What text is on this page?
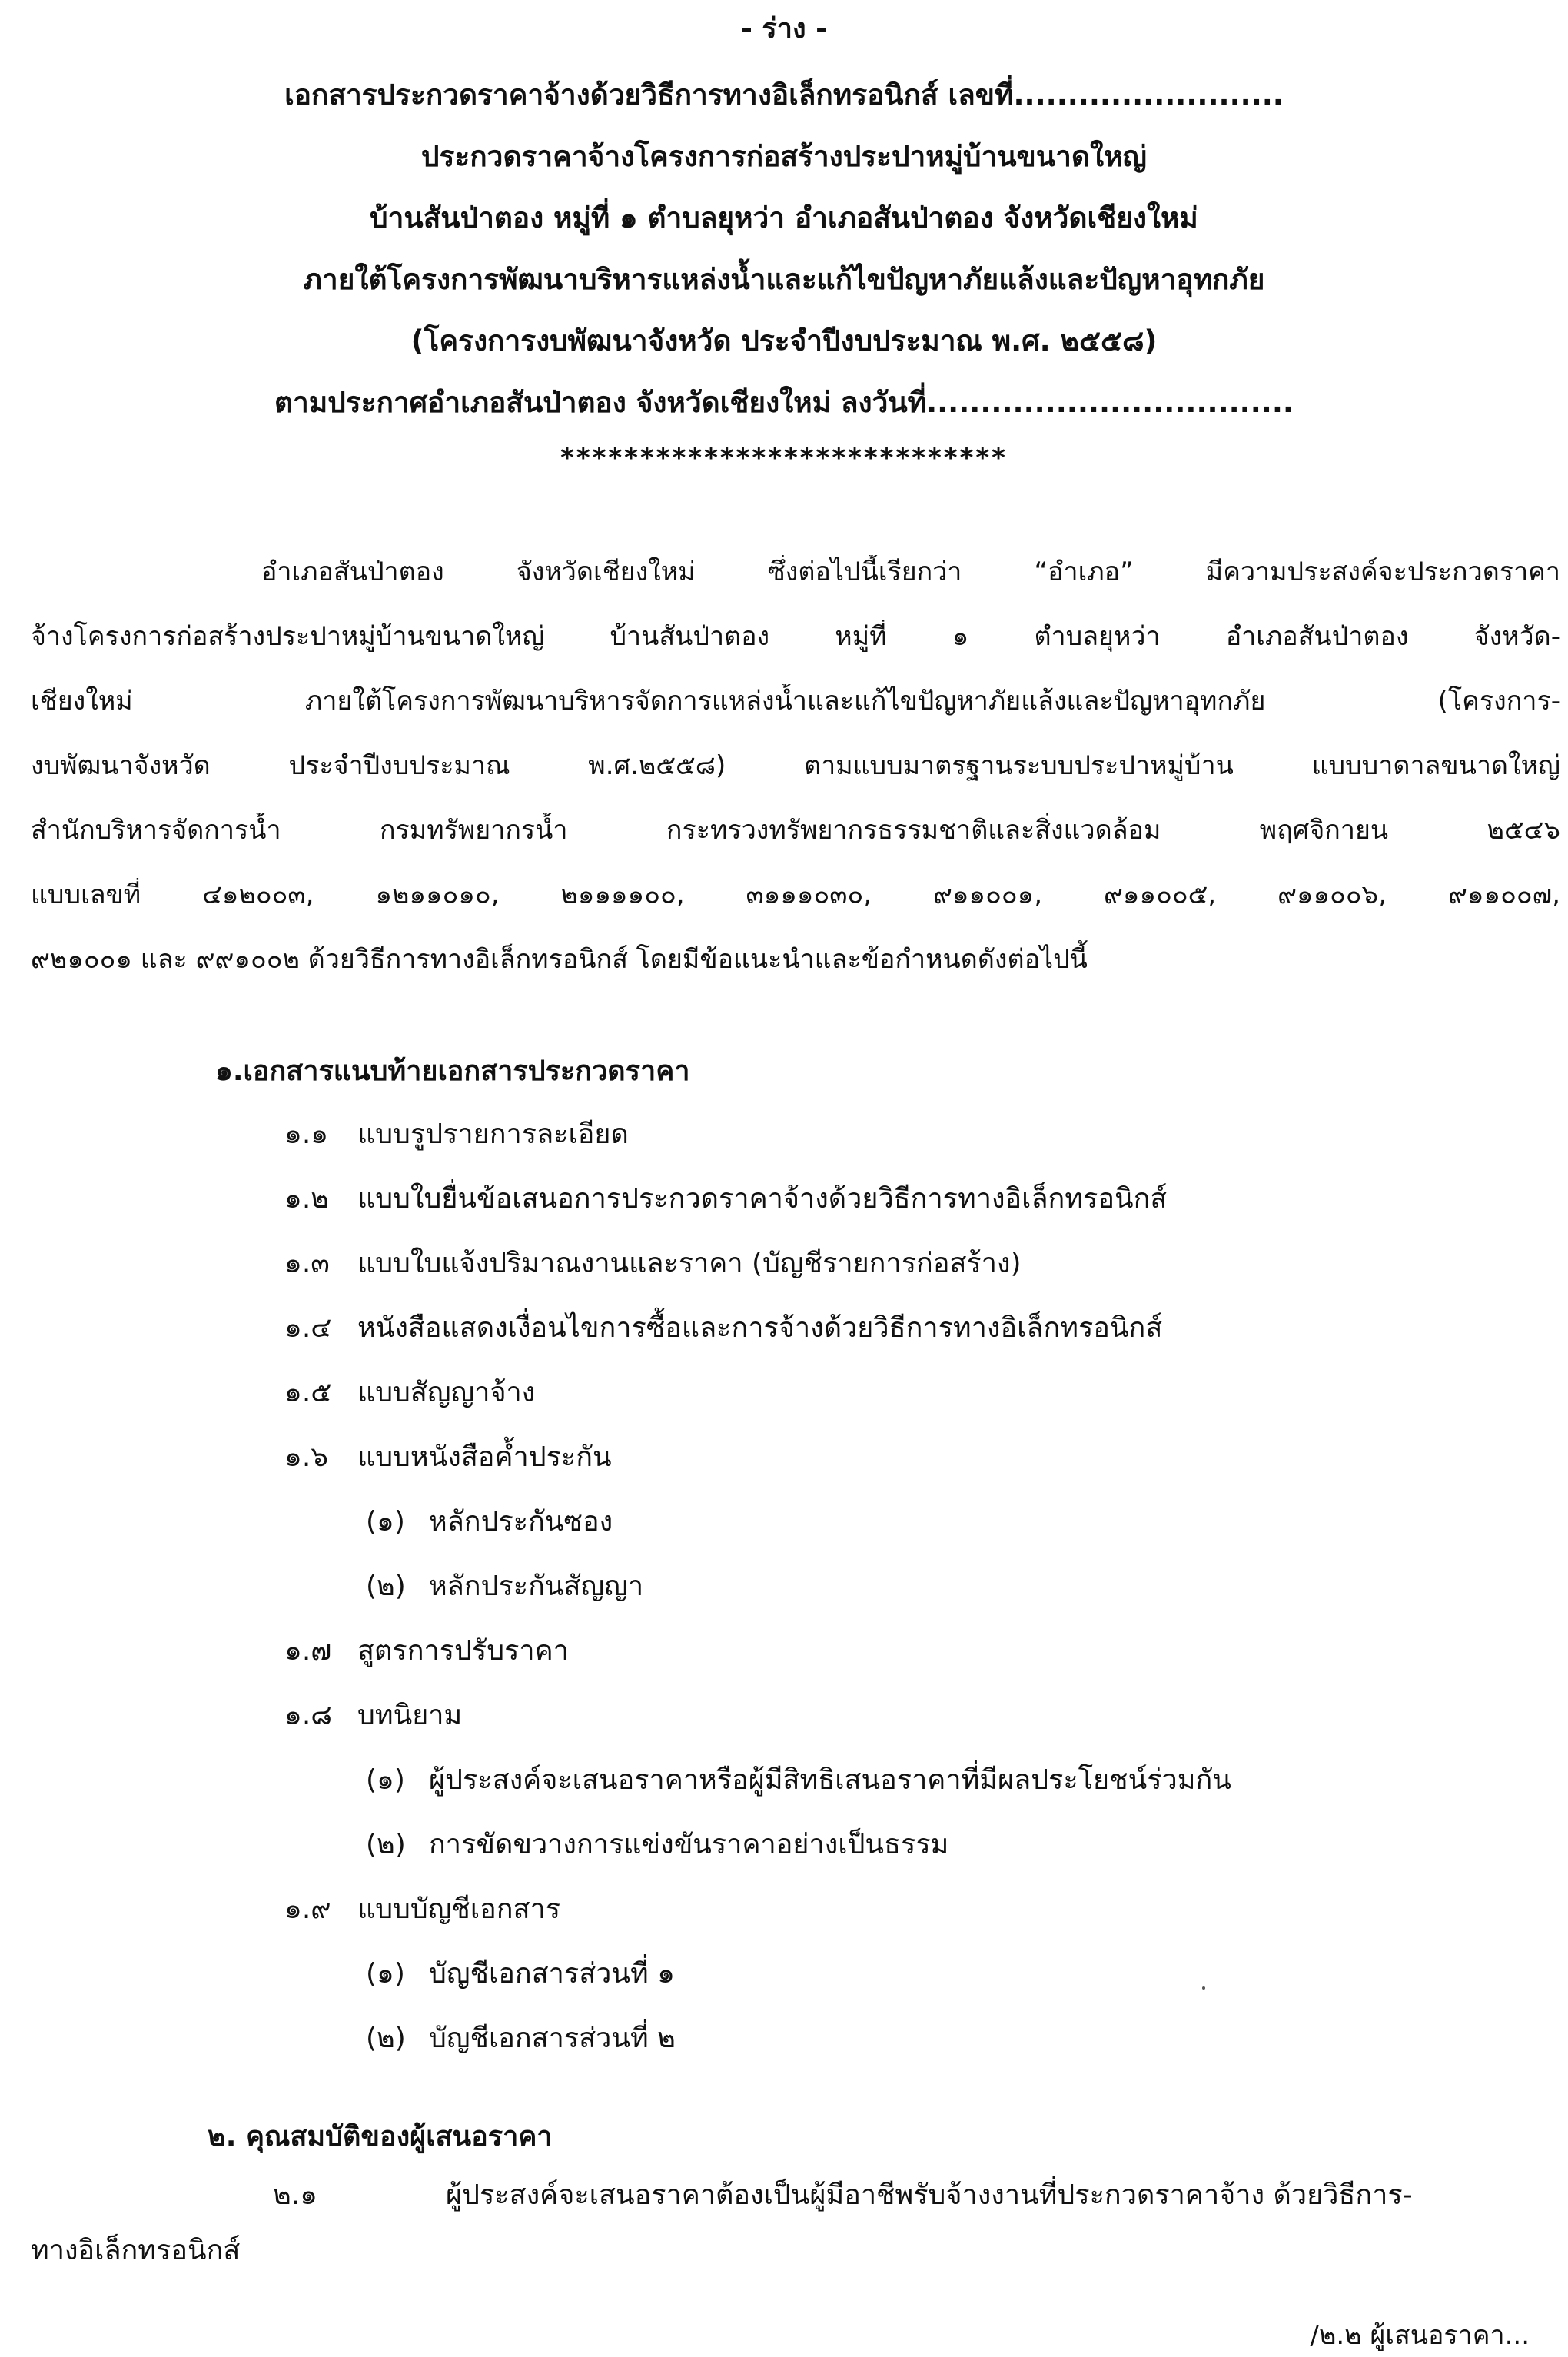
- ร่าง -
เอกสารประกวดราคาจ้างด้วยวิธีการทางอิเล็กทรอนิกส์ เลขที่.........................
ประกวดราคาจ้างโครงการก่อสร้างประปาหมู่บ้านขนาดใหญ่
บ้านสันป่าตอง หมู่ที่ ๑ ตำบลยุหว่า อำเภอสันป่าตอง จังหวัดเชียงใหม่
ภายใต้โครงการพัฒนาบริหารแหล่งน้ำและแก้ไขปัญหาภัยแล้งและปัญหาอุทกภัย
(โครงการงบพัฒนาจังหวัด ประจำปีงบประมาณ พ.ศ. ๒๕๕๘)
ตามประกาศอำเภอสันป่าตอง จังหวัดเชียงใหม่ ลงวันที่..................................
****************************
อำเภอสันป่าตอง จังหวัดเชียงใหม่ ซึ่งต่อไปนี้เรียกว่า “อำเภอ” มีความประสงค์จะประกวดราคา
จ้างโครงการก่อสร้างประปาหมู่บ้านขนาดใหญ่ บ้านสันป่าตอง หมู่ที่ ๑ ตำบลยุหว่า อำเภอสันป่าตอง จังหวัด-
เชียงใหม่ ภายใต้โครงการพัฒนาบริหารจัดการแหล่งน้ำและแก้ไขปัญหาภัยแล้งและปัญหาอุทกภัย (โครงการ-
งบพัฒนาจังหวัด ประจำปีงบประมาณ พ.ศ.๒๕๕๘) ตามแบบมาตรฐานระบบประปาหมู่บ้าน แบบบาดาลขนาดใหญ่
สำนักบริหารจัดการน้ำ กรมทรัพยากรน้ำ กระทรวงทรัพยากรธรรมชาติและสิ่งแวดล้อม พฤศจิกายน ๒๕๔๖
แบบเลขที่ ๔๑๒๐๐๓, ๑๒๑๑๐๑๐, ๒๑๑๑๑๐๐, ๓๑๑๑๐๓๐, ๙๑๑๐๐๑, ๙๑๑๐๐๕, ๙๑๑๐๐๖, ๙๑๑๐๐๗,
๙๒๑๐๐๑ และ ๙๙๑๐๐๒ ด้วยวิธีการทางอิเล็กทรอนิกส์ โดยมีข้อแนะนำและข้อกำหนดดังต่อไปนี้
๑.เอกสารแนบท้ายเอกสารประกวดราคา
๑.๑ แบบรูปรายการละเอียด
๑.๒ แบบใบยื่นข้อเสนอการประกวดราคาจ้างด้วยวิธีการทางอิเล็กทรอนิกส์
๑.๓ แบบใบแจ้งปริมาณงานและราคา (บัญชีรายการก่อสร้าง)
๑.๔ หนังสือแสดงเงื่อนไขการซื้อและการจ้างด้วยวิธีการทางอิเล็กทรอนิกส์
๑.๕ แบบสัญญาจ้าง
๑.๖ แบบหนังสือค้ำประกัน
(๑) หลักประกันซอง
(๒) หลักประกันสัญญา
๑.๗ สูตรการปรับราคา
๑.๘ บทนิยาม
(๑) ผู้ประสงค์จะเสนอราคาหรือผู้มีสิทธิเสนอราคาที่มีผลประโยชน์ร่วมกัน
(๒) การขัดขวางการแข่งขันราคาอย่างเป็นธรรม
๑.๙ แบบบัญชีเอกสาร
(๑) บัญชีเอกสารส่วนที่ ๑
(๒) บัญชีเอกสารส่วนที่ ๒
๒. คุณสมบัติของผู้เสนอราคา
๒.๑	ผู้ประสงค์จะเสนอราคาต้องเป็นผู้มีอาชีพรับจ้างงานที่ประกวดราคาจ้าง ด้วยวิธีการ-
ทางอิเล็กทรอนิกส์
/๒.๒ ผู้เสนอราคา...
